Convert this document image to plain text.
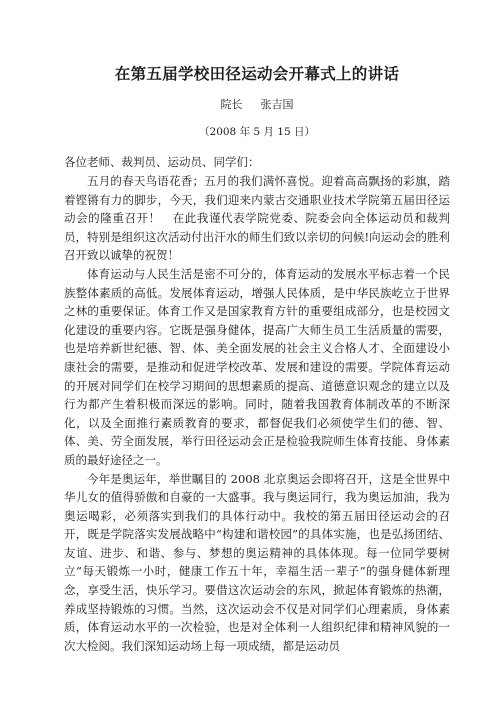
在第五届学校田径运动会开幕式上的讲话
院长 张吉国
（2008 年 5 月 15 日）
各位老师、裁判员、运动员、同学们：

五月的春天鸟语花香；五月的我们满怀喜悦。迎着高高飘扬的彩旗，踏着铿锵有力的脚步，今天，我们迎来内蒙古交通职业技术学院第五届田径运动会的隆重召开！　在此我谨代表学院党委、院委会向全体运动员和裁判员，特别是组织这次活动付出汗水的师生们致以亲切的问候!向运动会的胜利召开致以诚挚的祝贺！

体育运动与人民生活是密不可分的，体育运动的发展水平标志着一个民族整体素质的高低。发展体育运动，增强人民体质，是中华民族屹立于世界之林的重要保证。体育工作又是国家教育方针的重要组成部分，也是校园文化建设的重要内容。它既是强身健体，提高广大师生员工生活质量的需要，也是培养新世纪德、智、体、美全面发展的社会主义合格人才、全面建设小康社会的需要，是推动和促进学校改革、发展和建设的需要。学院体育运动的开展对同学们在校学习期间的思想素质的提高、道德意识观念的建立以及行为都产生着积极而深远的影响。同时，随着我国教育体制改革的不断深化，以及全面推行素质教育的要求，都督促我们必须使学生们的德、智、体、美、劳全面发展，举行田径运动会正是检验我院师生体育技能、身体素质的最好途径之一。

今年是奥运年，举世瞩目的 2008 北京奥运会即将召开，这是全世界中华儿女的值得骄傲和自豪的一大盛事。我与奥运同行，我为奥运加油，我为奥运喝彩，必须落实到我们的具体行动中。我校的第五届田径运动会的召开，既是学院落实发展战略中“构建和谐校园”的具体实施，也是弘扬团结、友谊、进步、和谐、参与、梦想的奥运精神的具体体现。每一位同学要树立“每天锻炼一小时，健康工作五十年，幸福生活一辈子”的强身健体新理念，享受生活，快乐学习。要借这次运动会的东风，掀起体育锻炼的热潮，养成坚持锻炼的习惯。当然，这次运动会不仅是对同学们心理素质，身体素质，体育运动水平的一次检验，也是对全体利一人组织纪律和精神风貌的一次大检阅。我们深知运动场上每一项成绩，都是运动员
